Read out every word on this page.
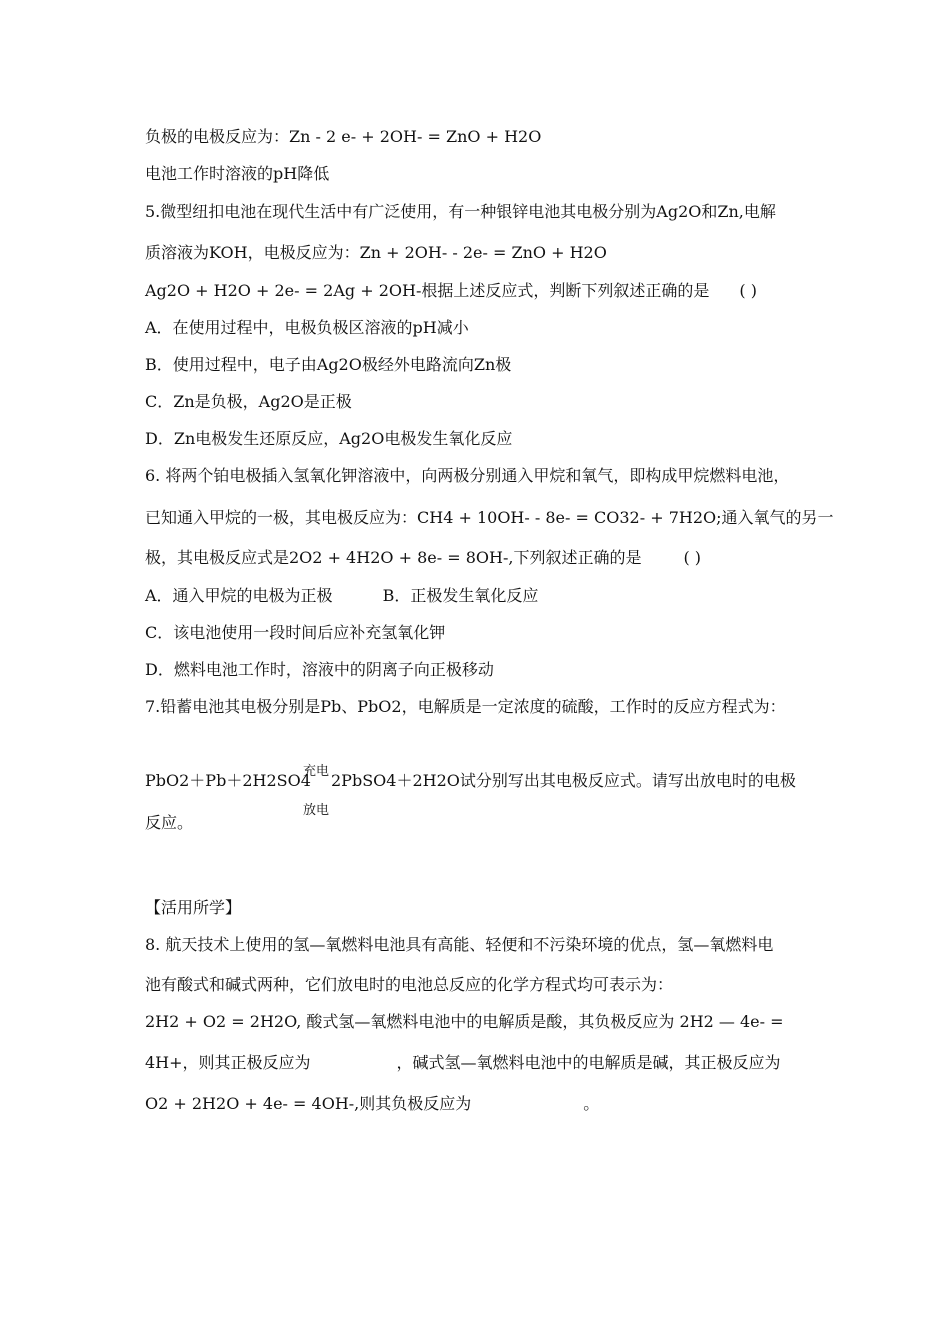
负极的电极反应为：Zn - 2 e- + 2OH- = ZnO + H2O
电池工作时溶液的pH降低
5.微型纽扣电池在现代生活中有广泛使用，有一种银锌电池其电极分别为Ag2O和Zn,电解
质溶液为KOH，电极反应为：Zn + 2OH- - 2e- = ZnO + H2O
Ag2O + H2O + 2e- = 2Ag + 2OH-根据上述反应式，判断下列叙述正确的是 ( )
A．在使用过程中，电极负极区溶液的pH减小
B．使用过程中，电子由Ag2O极经外电路流向Zn极
C．Zn是负极，Ag2O是正极
D．Zn电极发生还原反应，Ag2O电极发生氧化反应
6. 将两个铂电极插入氢氧化钾溶液中，向两极分别通入甲烷和氧气，即构成甲烷燃料电池，
已知通入甲烷的一极，其电极反应为：CH4 + 10OH- - 8e- = CO32- + 7H2O;通入氧气的另一
极，其电极反应式是2O2 + 4H2O + 8e- = 8OH-,下列叙述正确的是	( )
A．通入甲烷的电极为正极	B．正极发生氧化反应
C．该电池使用一段时间后应补充氢氧化钾
D．燃料电池工作时，溶液中的阴离子向正极移动
7.铅蓄电池其电极分别是Pb、PbO2，电解质是一定浓度的硫酸，工作时的反应方程式为：
PbO2＋Pb＋2H2SO4
充电 2PbSO4＋2H2O试分别写出其电极反应式。请写出放电时的电极
放电
反应。
【活用所学】
8. 航天技术上使用的氢—氧燃料电池具有高能、轻便和不污染环境的优点，氢—氧燃料电
池有酸式和碱式两种，它们放电时的电池总反应的化学方程式均可表示为：
2H2 + O2 = 2H2O, 酸式氢—氧燃料电池中的电解质是酸，其负极反应为 2H2 — 4e- =
4H+，则其正极反应为	，碱式氢—氧燃料电池中的电解质是碱，其正极反应为
O2 + 2H2O + 4e- = 4OH-,则其负极反应为	。
